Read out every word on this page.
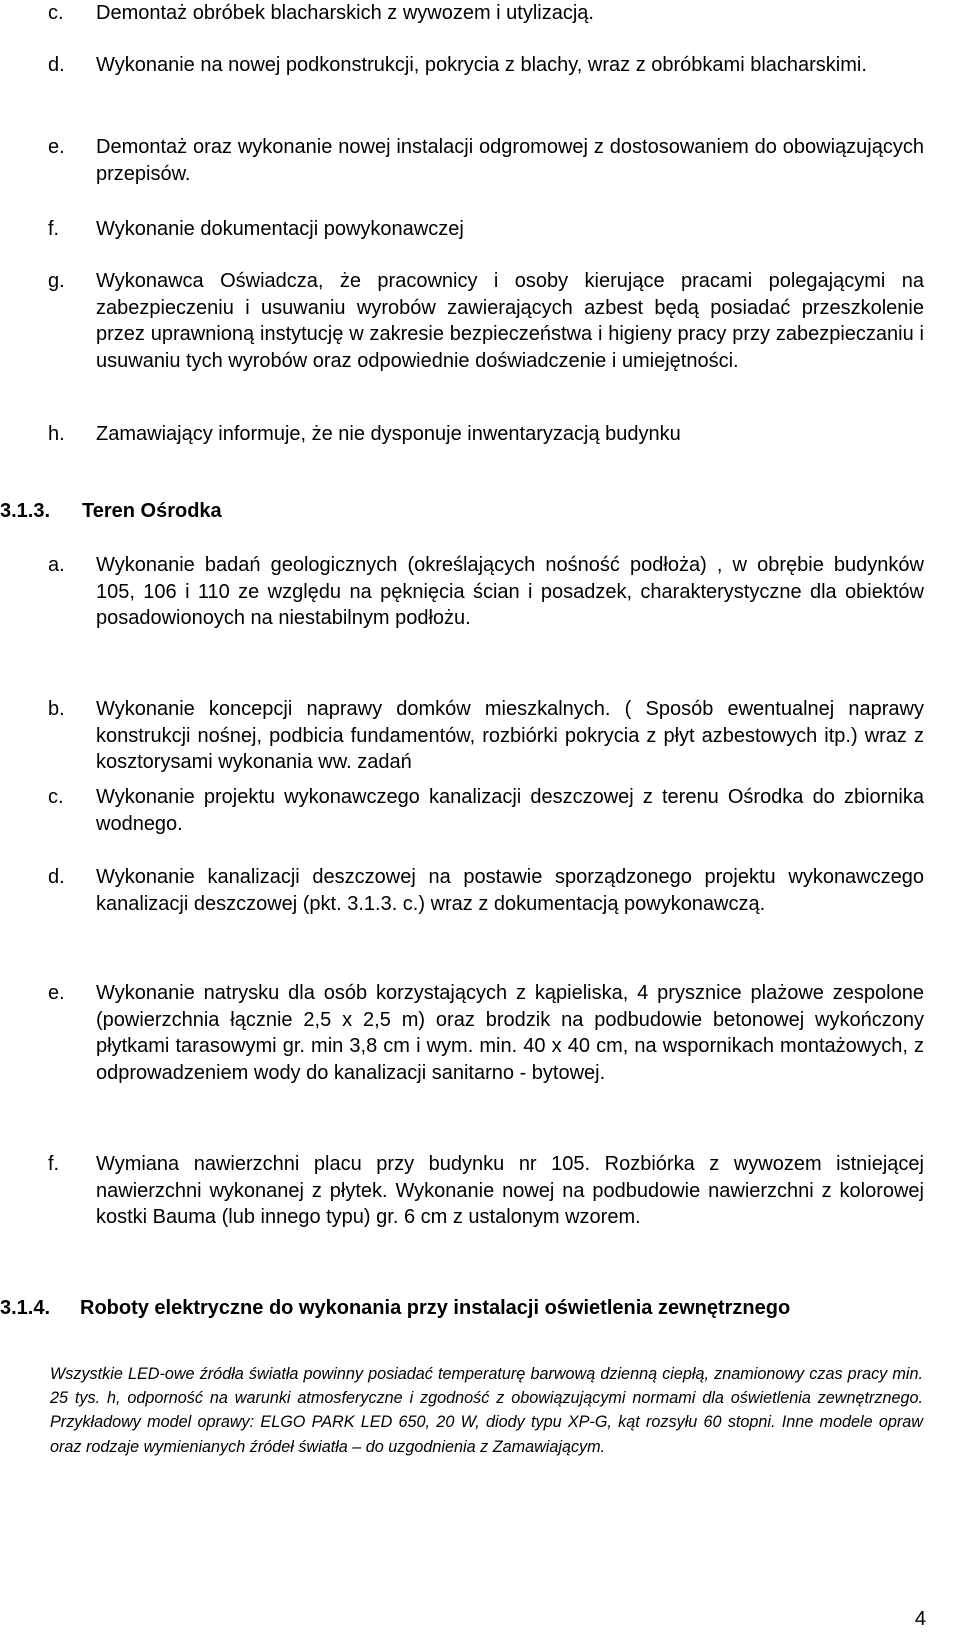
c. Demontaż obróbek blacharskich z wywozem i utylizacją.
d. Wykonanie na nowej podkonstrukcji, pokrycia z blachy, wraz z obróbkami blacharskimi.
e. Demontaż oraz wykonanie nowej instalacji odgromowej z dostosowaniem do obowiązujących przepisów.
f. Wykonanie dokumentacji powykonawczej
g. Wykonawca Oświadcza, że pracownicy i osoby kierujące pracami polegającymi na zabezpieczeniu i usuwaniu wyrobów zawierających azbest będą posiadać przeszkolenie przez uprawnioną instytucję w zakresie bezpieczeństwa i higieny pracy przy zabezpieczaniu i usuwaniu tych wyrobów oraz odpowiednie doświadczenie i umiejętności.
h. Zamawiający informuje, że nie dysponuje inwentaryzacją budynku
3.1.3. Teren Ośrodka
a. Wykonanie badań geologicznych (określających nośność podłoża) , w obrębie budynków 105, 106 i 110 ze względu na pęknięcia ścian i posadzek, charakterystyczne dla obiektów posadowionoych na niestabilnym podłożu.
b. Wykonanie koncepcji naprawy domków mieszkalnych. ( Sposób ewentualnej naprawy konstrukcji nośnej, podbicia fundamentów, rozbiórki pokrycia z płyt azbestowych itp.) wraz z kosztorysami wykonania ww. zadań
c. Wykonanie projektu wykonawczego kanalizacji deszczowej z terenu Ośrodka do zbiornika wodnego.
d. Wykonanie kanalizacji deszczowej na postawie sporządzonego projektu wykonawczego kanalizacji deszczowej (pkt. 3.1.3. c.) wraz z dokumentacją powykonawczą.
e. Wykonanie natrysku dla osób korzystających z kąpieliska, 4 prysznice plażowe zespolone (powierzchnia łącznie 2,5 x 2,5 m) oraz brodzik na podbudowie betonowej wykończony płytkami tarasowymi gr. min 3,8 cm i wym. min. 40 x 40 cm, na wspornikach montażowych, z odprowadzeniem wody do kanalizacji sanitarno - bytowej.
f. Wymiana nawierzchni placu przy budynku nr 105. Rozbiórka z wywozem istniejącej nawierzchni wykonanej z płytek. Wykonanie nowej na podbudowie nawierzchni z kolorowej kostki Bauma (lub innego typu) gr. 6 cm z ustalonym wzorem.
3.1.4. Roboty elektryczne do wykonania przy instalacji oświetlenia zewnętrznego
Wszystkie LED-owe źródła światła powinny posiadać temperaturę barwową dzienną ciepłą, znamionowy czas pracy min. 25 tys. h, odporność na warunki atmosferyczne i zgodność z obowiązującymi normami dla oświetlenia zewnętrznego. Przykładowy model oprawy: ELGO PARK LED 650, 20 W, diody typu XP-G, kąt rozsyłu 60 stopni. Inne modele opraw oraz rodzaje wymienianych źródeł światła – do uzgodnienia z Zamawiającym.
4
